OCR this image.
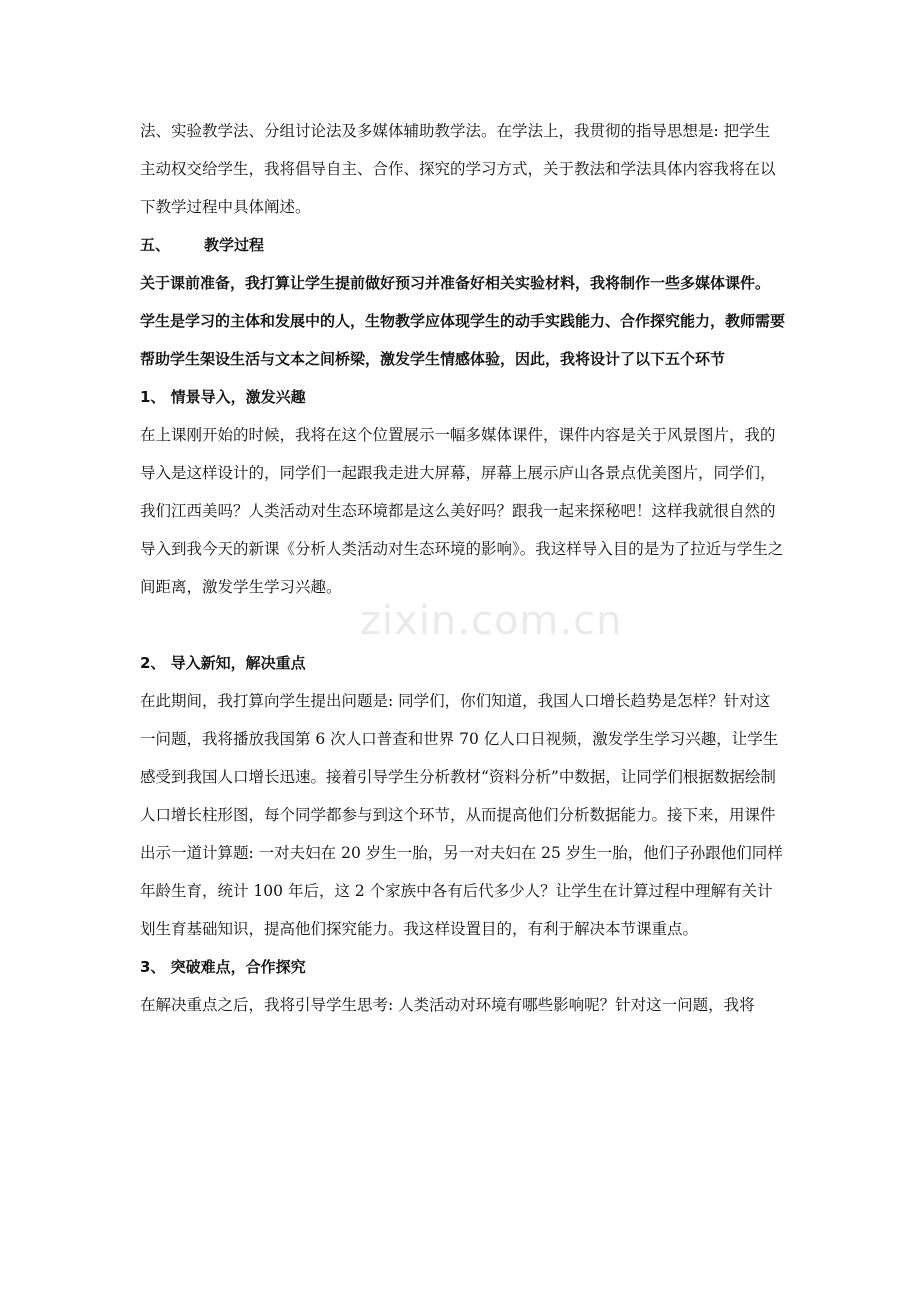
法、实验教学法、分组讨论法及多媒体辅助教学法。在学法上，我贯彻的指导思想是: 把学生主动权交给学生，我将倡导自主、合作、探究的学习方式，关于教法和学法具体内容我将在以下教学过程中具体阐述。

五、	教学过程

关于课前准备，我打算让学生提前做好预习并准备好相关实验材料，我将制作一些多媒体课件。

学生是学习的主体和发展中的人，生物教学应体现学生的动手实践能力、合作探究能力，教师需要帮助学生架设生活与文本之间桥梁，激发学生情感体验，因此，我将设计了以下五个环节

1、 情景导入，激发兴趣

在上课刚开始的时候，我将在这个位置展示一幅多媒体课件，课件内容是关于风景图片，我的导入是这样设计的，同学们一起跟我走进大屏幕，屏幕上展示庐山各景点优美图片，同学们，我们江西美吗？人类活动对生态环境都是这么美好吗？跟我一起来探秘吧！这样我就很自然的导入到我今天的新课《分析人类活动对生态环境的影响》。我这样导入目的是为了拉近与学生之间距离，激发学生学习兴趣。

2、 导入新知，解决重点

在此期间，我打算向学生提出问题是: 同学们，你们知道，我国人口增长趋势是怎样？针对这一问题，我将播放我国第 6 次人口普查和世界 70 亿人口日视频，激发学生学习兴趣，让学生感受到我国人口增长迅速。接着引导学生分析教材“资料分析”中数据，让同学们根据数据绘制人口增长柱形图，每个同学都参与到这个环节，从而提高他们分析数据能力。接下来，用课件出示一道计算题: 一对夫妇在 20 岁生一胎，另一对夫妇在 25 岁生一胎，他们子孙跟他们同样年龄生育，统计 100 年后，这 2 个家族中各有后代多少人？让学生在计算过程中理解有关计划生育基础知识，提高他们探究能力。我这样设置目的，有利于解决本节课重点。

3、 突破难点，合作探究

在解决重点之后，我将引导学生思考: 人类活动对环境有哪些影响呢？针对这一问题，我将

zixin.com.cn
